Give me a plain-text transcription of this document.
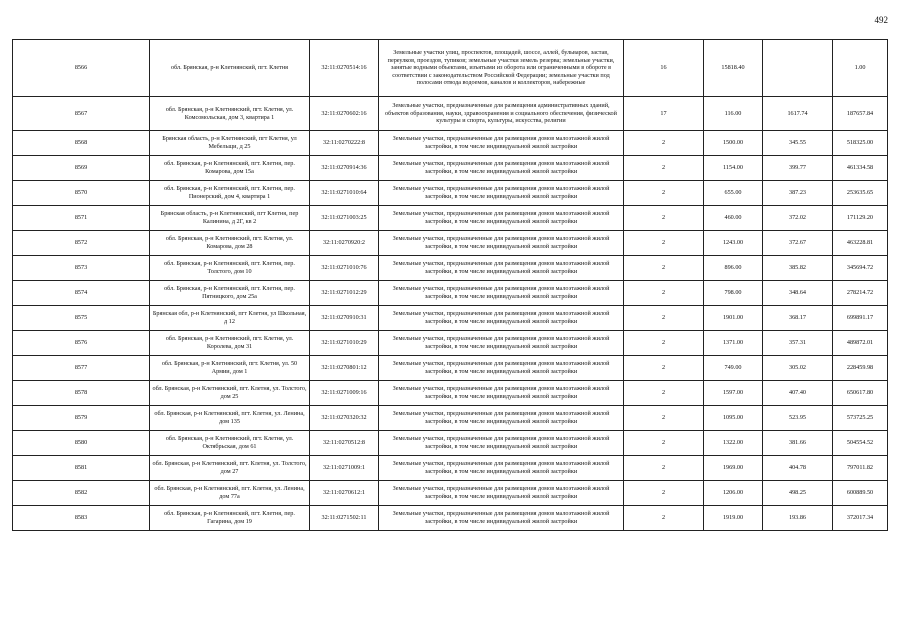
492
8566	обл. Брянская, р-н Клетнянский, пгт. Клетня	32:11:0270514:16	Земельные участки улиц, проспектов, площадей, шоссе, аллей, бульваров, застав, переулков, проездов, тупиков; земельные участки земель резерва; земельные участки, занятые водными объектами, изъятыми из оборота или ограниченными в обороте в соответствии с законодательством Российской Федерации; земельные участки под полосами отвода водоемов, каналов и коллекторов, набережные	16	15818.40		1.00
8567	обл. Брянская, р-н Клетнянский, пгт. Клетня, ул. Комсомольская, дом 3, квартира 1	32:11:0270602:16	Земельные участки, предназначенные для размещения административных зданий, объектов образования, науки, здравоохранения и социального обеспечения, физической культуры и спорта, культуры, искусства, религии	17	116.00	1617.74	187657.84
8568	Брянская область, р-н Клетнянский, пгт Клетня, ул Мебельщи, д 25	32:11:0270222:8	Земельные участки, предназначенные для размещения домов малоэтажной жилой застройки, в том числе индивидуальной жилой застройки	2	1500.00	345.55	518325.00
8569	обл. Брянская, р-н Клетнянский, пгт. Клетня, пер. Комарова, дом 15а	32:11:0270914:36	Земельные участки, предназначенные для размещения домов малоэтажной жилой застройки, в том числе индивидуальной жилой застройки	2	1154.00	399.77	461334.58
8570	обл. Брянская, р-н Клетнянский, пгт. Клетня, пер. Пионерский, дом 4, квартира 1	32:11:0271010:64	Земельные участки, предназначенные для размещения домов малоэтажной жилой застройки, в том числе индивидуальной жилой застройки	2	655.00	387.23	253635.65
8571	Брянская область, р-н Клетнянский, пгт Клетня, пер Калинина, д 2Г, кв 2	32:11:0271003:25	Земельные участки, предназначенные для размещения домов малоэтажной жилой застройки, в том числе индивидуальной жилой застройки	2	460.00	372.02	171129.20
8572	обл. Брянская, р-н Клетнянский, пгт. Клетня, ул. Комарова, дом 28	32:11:0270920:2	Земельные участки, предназначенные для размещения домов малоэтажной жилой застройки, в том числе индивидуальной жилой застройки	2	1243.00	372.67	463228.81
8573	обл. Брянская, р-н Клетнянский, пгт. Клетня, пер. Толстого, дом 10	32:11:0271010:76	Земельные участки, предназначенные для размещения домов малоэтажной жилой застройки, в том числе индивидуальной жилой застройки	2	896.00	385.82	345694.72
8574	обл. Брянская, р-н Клетнянский, пгт. Клетня, пер. Пятницкого, дом 25а	32:11:0271012:29	Земельные участки, предназначенные для размещения домов малоэтажной жилой застройки, в том числе индивидуальной жилой застройки	2	798.00	348.64	278214.72
8575	Брянская обл, р-н Клетнянский, пгт Клетня, ул Школьная, д 12	32:11:0270910:31	Земельные участки, предназначенные для размещения домов малоэтажной жилой застройки, в том числе индивидуальной жилой застройки	2	1901.00	368.17	699891.17
8576	обл. Брянская, р-н Клетнянский, пгт. Клетня, ул. Королева, дом 31	32:11:0271010:29	Земельные участки, предназначенные для размещения домов малоэтажной жилой застройки, в том числе индивидуальной жилой застройки	2	1371.00	357.31	489872.01
8577	обл. Брянская, р-н Клетнянский, пгт. Клетня, ул. 50 Армии, дом 1	32:11:0270801:12	Земельные участки, предназначенные для размещения домов малоэтажной жилой застройки, в том числе индивидуальной жилой застройки	2	749.00	305.02	228459.98
8578	обл. Брянская, р-н Клетнянский, пгт. Клетня, ул. Толстого, дом 25	32:11:0271009:16	Земельные участки, предназначенные для размещения домов малоэтажной жилой застройки, в том числе индивидуальной жилой застройки	2	1597.00	407.40	650617.80
8579	обл. Брянская, р-н Клетнянский, пгт. Клетня, ул. Ленина, дом 135	32:11:0270320:32	Земельные участки, предназначенные для размещения домов малоэтажной жилой застройки, в том числе индивидуальной жилой застройки	2	1095.00	523.95	573725.25
8580	обл. Брянская, р-н Клетнянский, пгт. Клетня, ул. Октябрьская, дом 61	32:11:0270512:8	Земельные участки, предназначенные для размещения домов малоэтажной жилой застройки, в том числе индивидуальной жилой застройки	2	1322.00	381.66	504554.52
8581	обл. Брянская, р-н Клетнянский, пгт. Клетня, ул. Толстого, дом 27	32:11:0271009:1	Земельные участки, предназначенные для размещения домов малоэтажной жилой застройки, в том числе индивидуальной жилой застройки	2	1969.00	404.78	797011.82
8582	обл. Брянская, р-н Клетнянский, пгт. Клетня, ул. Ленина, дом 77а	32:11:0270612:1	Земельные участки, предназначенные для размещения домов малоэтажной жилой застройки, в том числе индивидуальной жилой застройки	2	1206.00	498.25	600889.50
8583	обл. Брянская, р-н Клетнянский, пгт. Клетня, пер. Гагарина, дом 19	32:11:0271502:11	Земельные участки, предназначенные для размещения домов малоэтажной жилой застройки, в том числе индивидуальной жилой застройки	2	1919.00	193.86	372017.34
